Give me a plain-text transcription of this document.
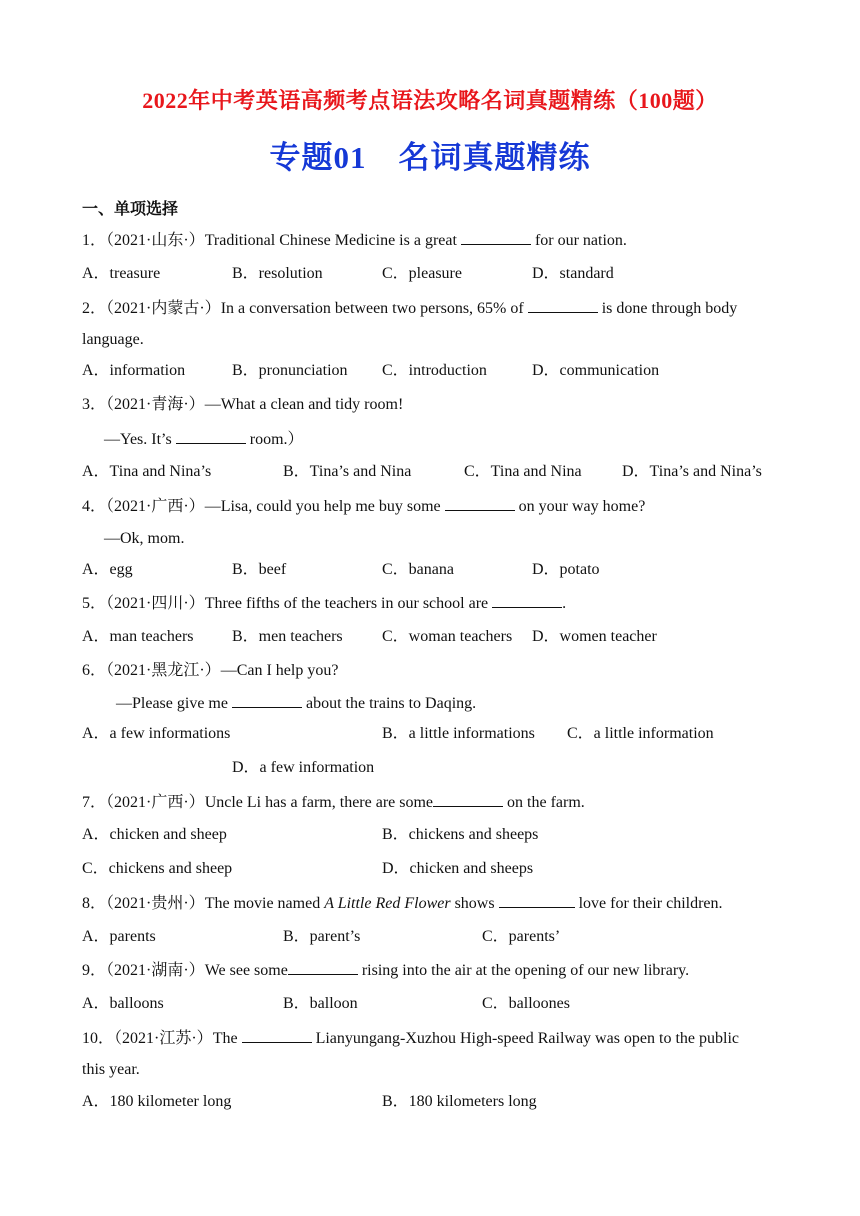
2022年中考英语高频考点语法攻略名词真题精练（100题）
专题01　名词真题精练
一、单项选择
1．（2021·山东·）Traditional Chinese Medicine is a great	for our nation.
A．treasure	B．resolution	C．pleasure	D．standard
2．（2021·内蒙古·）In a conversation between two persons, 65% of	is done through body
language.
A．information	B．pronunciation C．introduction	D．communication
3．（2021·青海·）—What a clean and tidy room!
—Yes. It’s	room.）
A．Tina and Nina’s	B．Tina’s and Nina	C．Tina and Nina	D．Tina’s and Nina’s
4．（2021·广西·）—Lisa, could you help me buy some	on your way home?
—Ok, mom.
A．egg	B．beef	C．banana	D．potato
5．（2021·四川·）Three fifths of the teachers in our school are	.
A．man teachers B．men teachers C．woman teachers D．women teacher
6．（2021·黑龙江·）—Can I help you?
—Please give me	about the trains to Daqing.
A．a few informations	B．a little informations C．a little information
D．a few information
7．（2021·广西·）Uncle Li has a farm, there are some	on the farm.
A．chicken and sheep	B．chickens and sheeps
C．chickens and sheep	D．chicken and sheeps
8．（2021·贵州·）The movie named A Little Red Flower shows	love for their children.
A．parents	B．parent’s	C．parents’
9．（2021·湖南·）We see some	rising into the air at the opening of our new library.
A．balloons	B．balloon	C．balloones
10．（2021·江苏·）The	Lianyungang-Xuzhou High-speed Railway was open to the public
this year.
A．180 kilometer long	B．180 kilometers long
